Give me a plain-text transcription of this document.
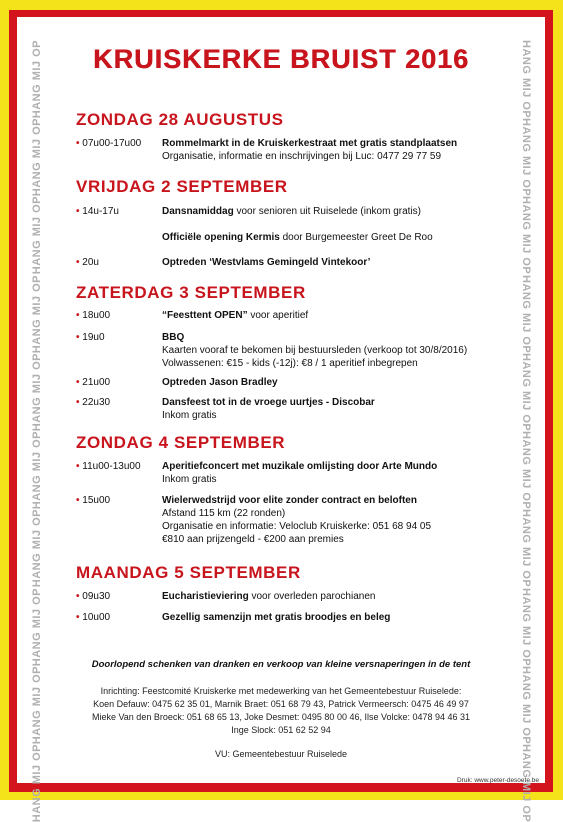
HANG MIJ OP
HANG MIJ OP
HANG MIJ OP
HANG MIJ OP
HANG MIJ OP
HANG MIJ OP
HANG MIJ OP
HANG MIJ OP
HANG MIJ OP
HANG MIJ OP
HANG MIJ OP
HANG MIJ OP
HANG MIJ OP
HANG MIJ OP
HANG MIJ OP
HANG MIJ OP
HANG MIJ OP
HANG MIJ OP
HANG MIJ OP
HANG MIJ OP
KRUISKERKE BRUIST 2016
ZONDAG 28 AUGUSTUS
• 07u00-17u00	Rommelmarkt in de Kruiskerkestraat met gratis standplaatsen
Organisatie, informatie en inschrijvingen bij Luc: 0477 29 77 59
VRIJDAG 2 SEPTEMBER
• 14u-17u	Dansnamiddag voor senioren uit Ruiselede (inkom gratis)
Officiële opening Kermis door Burgemeester Greet De Roo
• 20u	Optreden ‘Westvlams Gemingeld Vintekoor’
ZATERDAG 3 SEPTEMBER
• 18u00	“Feesttent OPEN” voor aperitief
• 19u0	BBQ
Kaarten vooraf te bekomen bij bestuursleden (verkoop tot 30/8/2016)
Volwassenen: €15 - kids (-12j): €8 / 1 aperitief inbegrepen
• 21u00	Optreden Jason Bradley
• 22u30	Dansfeest tot in de vroege uurtjes - Discobar
Inkom gratis
ZONDAG 4 SEPTEMBER
• 11u00-13u00	Aperitiefconcert met muzikale omlijsting door Arte Mundo
Inkom gratis
• 15u00	Wielerwedstrijd voor elite zonder contract en beloften
Afstand 115 km (22 ronden)
Organisatie en informatie: Veloclub Kruiskerke: 051 68 94 05
€810 aan prijzengeld - €200 aan premies
MAANDAG 5 SEPTEMBER
• 09u30	Eucharistieviering voor overleden parochianen
• 10u00	Gezellig samenzijn met gratis broodjes en beleg
Doorlopend schenken van dranken en verkoop van kleine versnaperingen in de tent
Inrichting: Feestcomité Kruiskerke met medewerking van het Gemeentebestuur Ruiselede:
Koen Defauw: 0475 62 35 01, Marnik Braet: 051 68 79 43, Patrick Vermeersch: 0475 46 49 97
Mieke Van den Broeck: 051 68 65 13, Joke Desmet: 0495 80 00 46, Ilse Volcke: 0478 94 46 31
Inge Slock: 051 62 52 94
VU: Gemeentebestuur Ruiselede
Druk: www.peter-desoete.be
